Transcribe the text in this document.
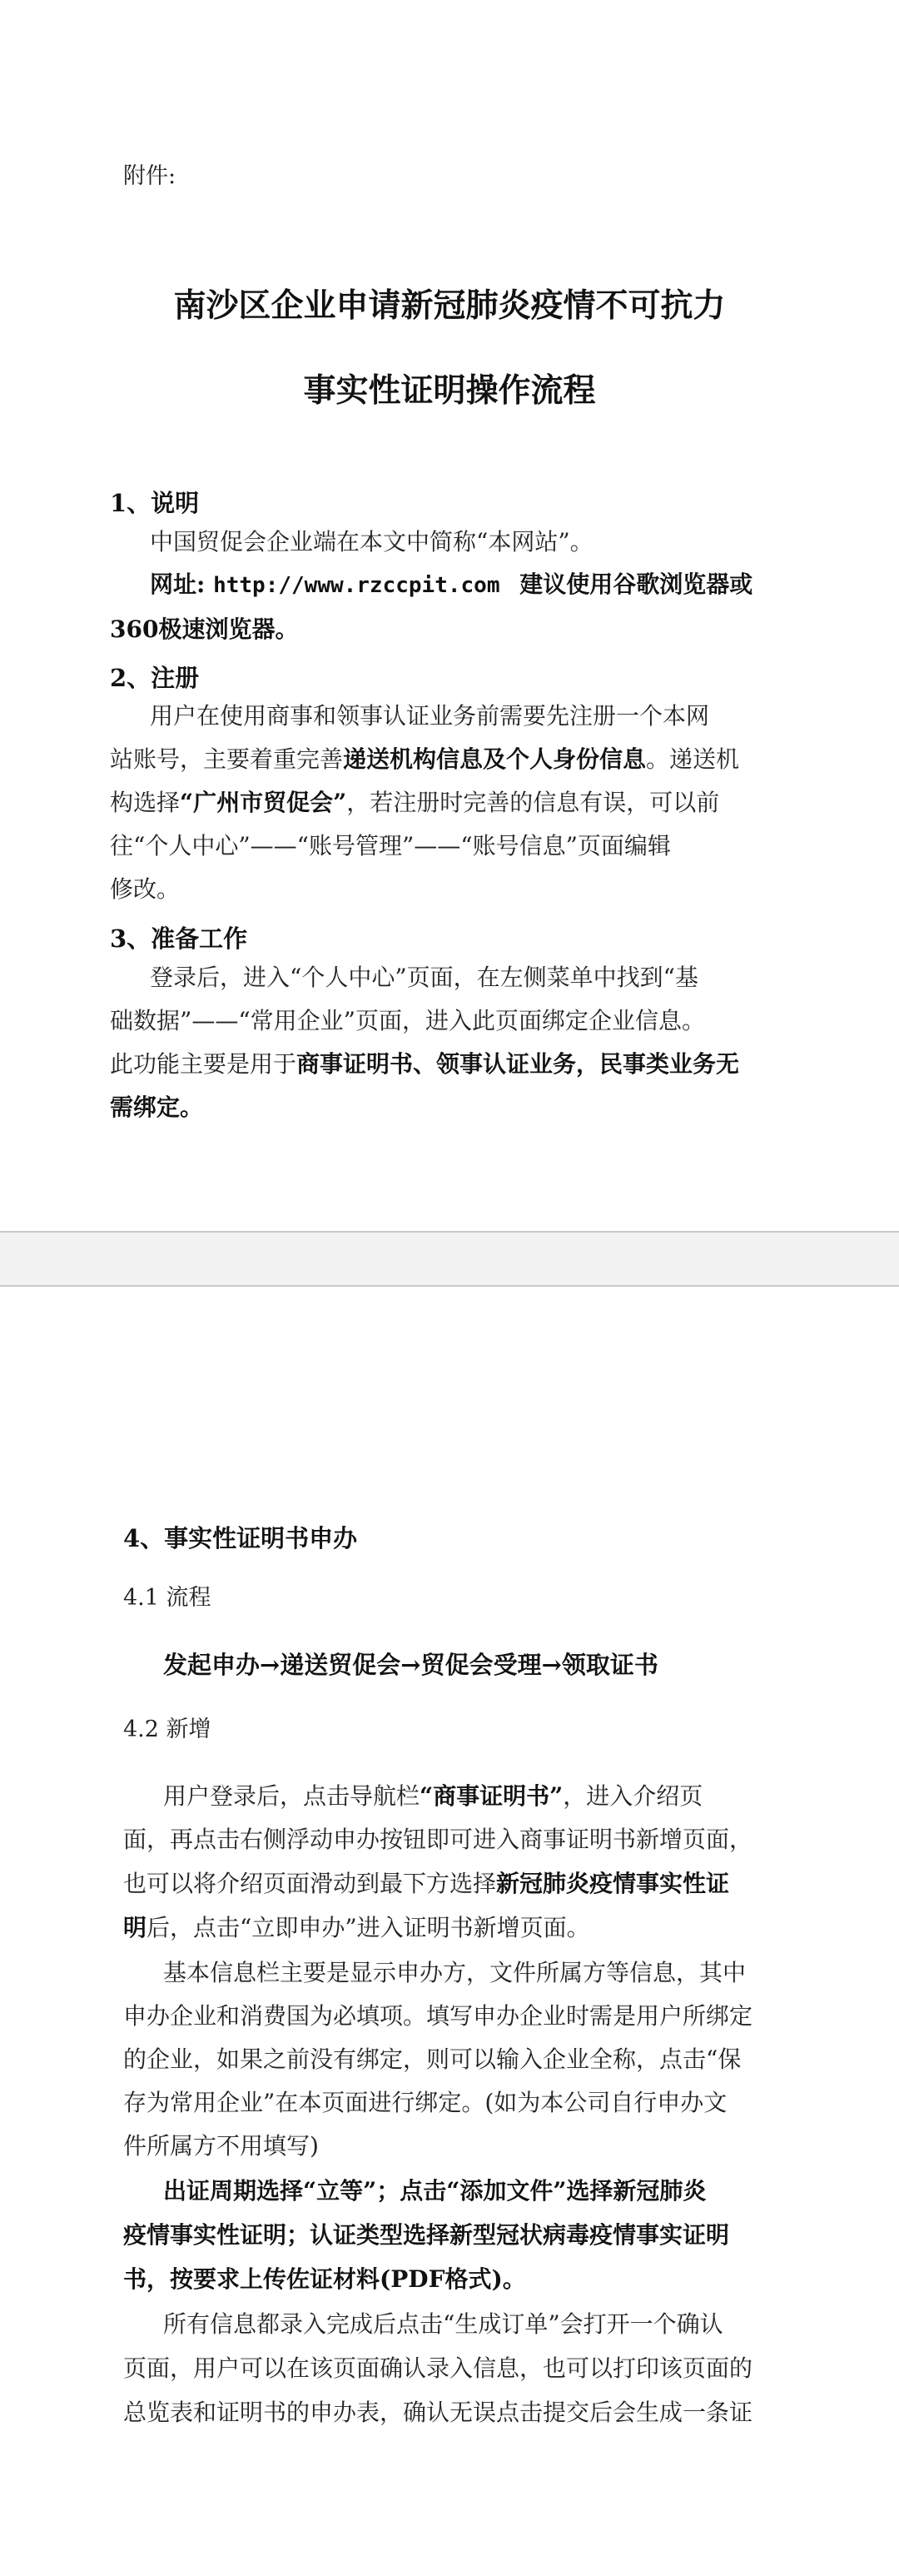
附件:
南沙区企业申请新冠肺炎疫情不可抗力
事实性证明操作流程
1、说明
中国贸促会企业端在本文中简称“本网站”。
网址: http://www.rzccpit.com 建议使用谷歌浏览器或
360极速浏览器。
2、注册
用户在使用商事和领事认证业务前需要先注册一个本网
站账号，主要着重完善递送机构信息及个人身份信息。递送机
构选择“广州市贸促会”，若注册时完善的信息有误，可以前
往“个人中心”——“账号管理”——“账号信息”页面编辑
修改。
3、准备工作
登录后，进入“个人中心”页面，在左侧菜单中找到“基
础数据”——“常用企业”页面，进入此页面绑定企业信息。
此功能主要是用于商事证明书、领事认证业务，民事类业务无
需绑定。
4、事实性证明书申办
4.1 流程
发起申办→递送贸促会→贸促会受理→领取证书
4.2 新增
用户登录后，点击导航栏“商事证明书”，进入介绍页
面，再点击右侧浮动申办按钮即可进入商事证明书新增页面，
也可以将介绍页面滑动到最下方选择新冠肺炎疫情事实性证
明后，点击“立即申办”进入证明书新增页面。
基本信息栏主要是显示申办方，文件所属方等信息，其中
申办企业和消费国为必填项。填写申办企业时需是用户所绑定
的企业，如果之前没有绑定，则可以输入企业全称，点击“保
存为常用企业”在本页面进行绑定。(如为本公司自行申办文
件所属方不用填写)
出证周期选择“立等”；点击“添加文件”选择新冠肺炎
疫情事实性证明；认证类型选择新型冠状病毒疫情事实证明
书，按要求上传佐证材料(PDF格式)。
所有信息都录入完成后点击“生成订单”会打开一个确认
页面，用户可以在该页面确认录入信息，也可以打印该页面的
总览表和证明书的申办表，确认无误点击提交后会生成一条证
